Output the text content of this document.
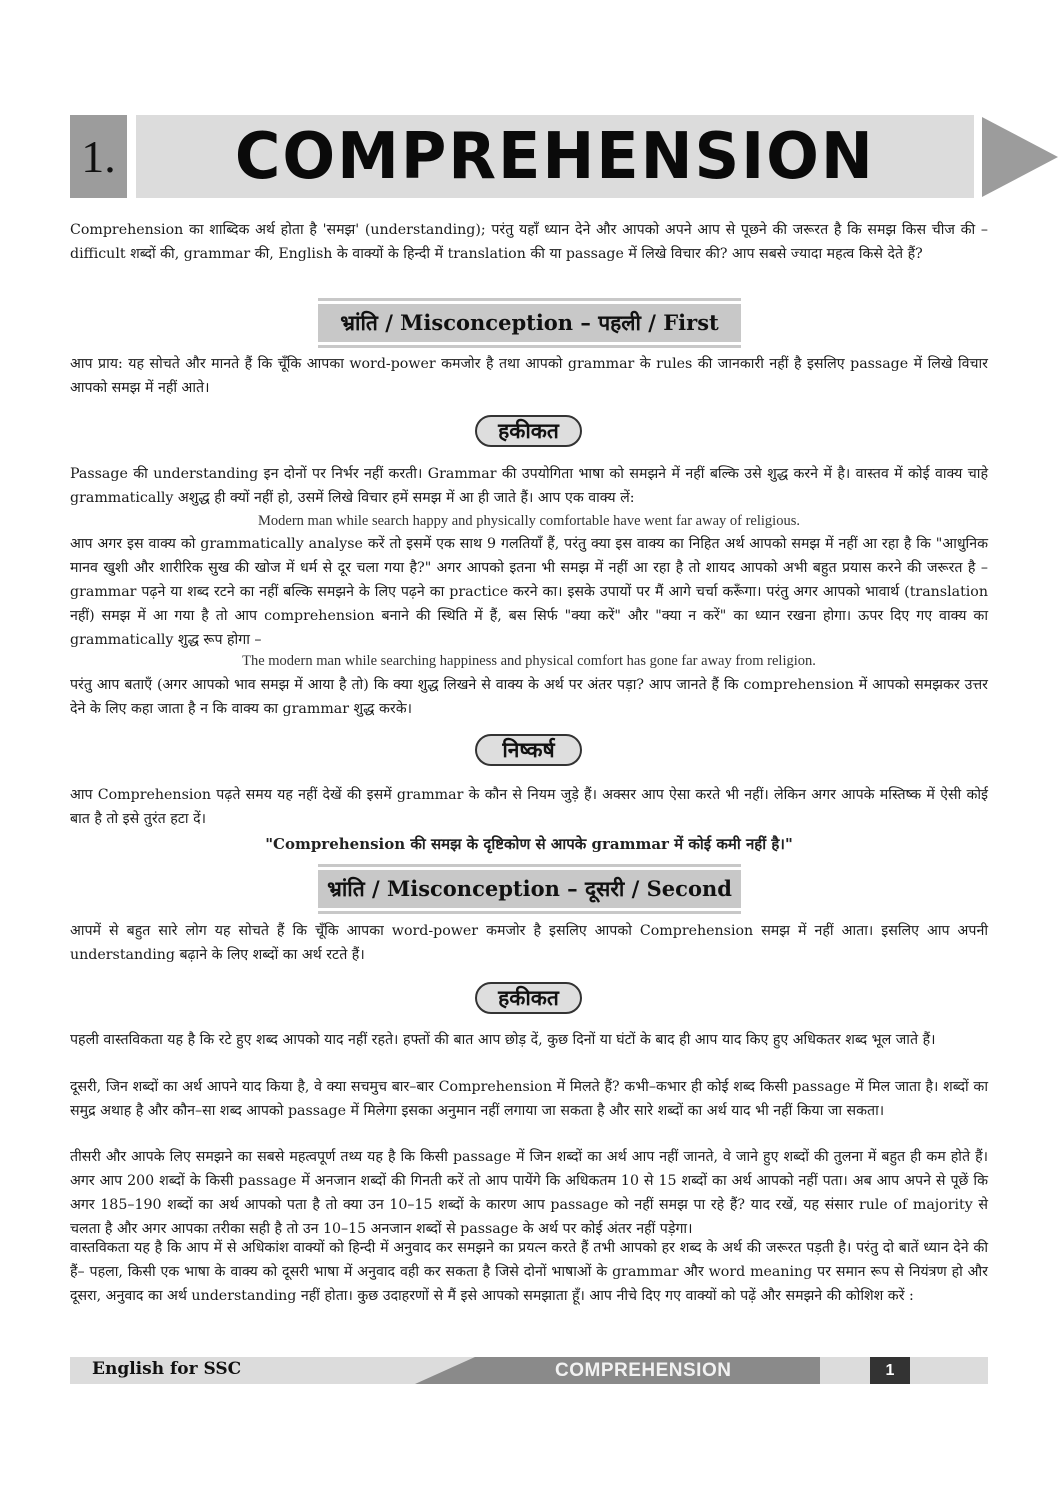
1. COMPREHENSION
Comprehension का शाब्दिक अर्थ होता है 'समझ' (understanding); परंतु यहाँ ध्यान देने और आपको अपने आप से पूछने की जरूरत है कि समझ किस चीज की – difficult शब्दों की, grammar की, English के वाक्यों के हिन्दी में translation की या passage में लिखे विचार की? आप सबसे ज्यादा महत्व किसे देते हैं?
भ्रांति / Misconception – पहली / First
आप प्राय: यह सोचते और मानते हैं कि चूँकि आपका word-power कमजोर है तथा आपको grammar के rules की जानकारी नहीं है इसलिए passage में लिखे विचार आपको समझ में नहीं आते।
हकीकत
Passage की understanding इन दोनों पर निर्भर नहीं करती। Grammar की उपयोगिता भाषा को समझने में नहीं बल्कि उसे शुद्ध करने में है। वास्तव में कोई वाक्य चाहे grammatically अशुद्ध ही क्यों नहीं हो, उसमें लिखे विचार हमें समझ में आ ही जाते हैं। आप एक वाक्य लें:
Modern man while search happy and physically comfortable have went far away of religious.
आप अगर इस वाक्य को grammatically analyse करें तो इसमें एक साथ 9 गलतियाँ हैं, परंतु क्या इस वाक्य का निहित अर्थ आपको समझ में नहीं आ रहा है कि "आधुनिक मानव खुशी और शारीरिक सुख की खोज में धर्म से दूर चला गया है?" अगर आपको इतना भी समझ में नहीं आ रहा है तो शायद आपको अभी बहुत प्रयास करने की जरूरत है – grammar पढ़ने या शब्द रटने का नहीं बल्कि समझने के लिए पढ़ने का practice करने का। इसके उपायों पर मैं आगे चर्चा करूँगा। परंतु अगर आपको भावार्थ (translation नहीं) समझ में आ गया है तो आप comprehension बनाने की स्थिति में हैं, बस सिर्फ "क्या करें" और "क्या न करें" का ध्यान रखना होगा। ऊपर दिए गए वाक्य का grammatically शुद्ध रूप होगा –
The modern man while searching happiness and physical comfort has gone far away from religion.
परंतु आप बताएँ (अगर आपको भाव समझ में आया है तो) कि क्या शुद्ध लिखने से वाक्य के अर्थ पर अंतर पड़ा? आप जानते हैं कि comprehension में आपको समझकर उत्तर देने के लिए कहा जाता है न कि वाक्य का grammar शुद्ध करके।
निष्कर्ष
आप Comprehension पढ़ते समय यह नहीं देखें की इसमें grammar के कौन से नियम जुड़े हैं। अक्सर आप ऐसा करते भी नहीं। लेकिन अगर आपके मस्तिष्क में ऐसी कोई बात है तो इसे तुरंत हटा दें।
"Comprehension की समझ के दृष्टिकोण से आपके grammar में कोई कमी नहीं है।"
भ्रांति / Misconception – दूसरी / Second
आपमें से बहुत सारे लोग यह सोचते हैं कि चूँकि आपका word-power कमजोर है इसलिए आपको Comprehension समझ में नहीं आता। इसलिए आप अपनी understanding बढ़ाने के लिए शब्दों का अर्थ रटते हैं।
हकीकत
पहली वास्तविकता यह है कि रटे हुए शब्द आपको याद नहीं रहते। हफ्तों की बात आप छोड़ दें, कुछ दिनों या घंटों के बाद ही आप याद किए हुए अधिकतर शब्द भूल जाते हैं।
दूसरी, जिन शब्दों का अर्थ आपने याद किया है, वे क्या सचमुच बार–बार Comprehension में मिलते हैं? कभी–कभार ही कोई शब्द किसी passage में मिल जाता है। शब्दों का समुद्र अथाह है और कौन–सा शब्द आपको passage में मिलेगा इसका अनुमान नहीं लगाया जा सकता है और सारे शब्दों का अर्थ याद भी नहीं किया जा सकता।
तीसरी और आपके लिए समझने का सबसे महत्वपूर्ण तथ्य यह है कि किसी passage में जिन शब्दों का अर्थ आप नहीं जानते, वे जाने हुए शब्दों की तुलना में बहुत ही कम होते हैं। अगर आप 200 शब्दों के किसी passage में अनजान शब्दों की गिनती करें तो आप पायेंगे कि अधिकतम 10 से 15 शब्दों का अर्थ आपको नहीं पता। अब आप अपने से पूछें कि अगर 185–190 शब्दों का अर्थ आपको पता है तो क्या उन 10–15 शब्दों के कारण आप passage को नहीं समझ पा रहे हैं? याद रखें, यह संसार rule of majority से चलता है और अगर आपका तरीका सही है तो उन 10–15 अनजान शब्दों से passage के अर्थ पर कोई अंतर नहीं पड़ेगा।
वास्तविकता यह है कि आप में से अधिकांश वाक्यों को हिन्दी में अनुवाद कर समझने का प्रयत्न करते हैं तभी आपको हर शब्द के अर्थ की जरूरत पड़ती है। परंतु दो बातें ध्यान देने की हैं– पहला, किसी एक भाषा के वाक्य को दूसरी भाषा में अनुवाद वही कर सकता है जिसे दोनों भाषाओं के grammar और word meaning पर समान रूप से नियंत्रण हो और दूसरा, अनुवाद का अर्थ understanding नहीं होता। कुछ उदाहरणों से मैं इसे आपको समझाता हूँ। आप नीचे दिए गए वाक्यों को पढ़ें और समझने की कोशिश करें :
English for SSC	COMPREHENSION	1
